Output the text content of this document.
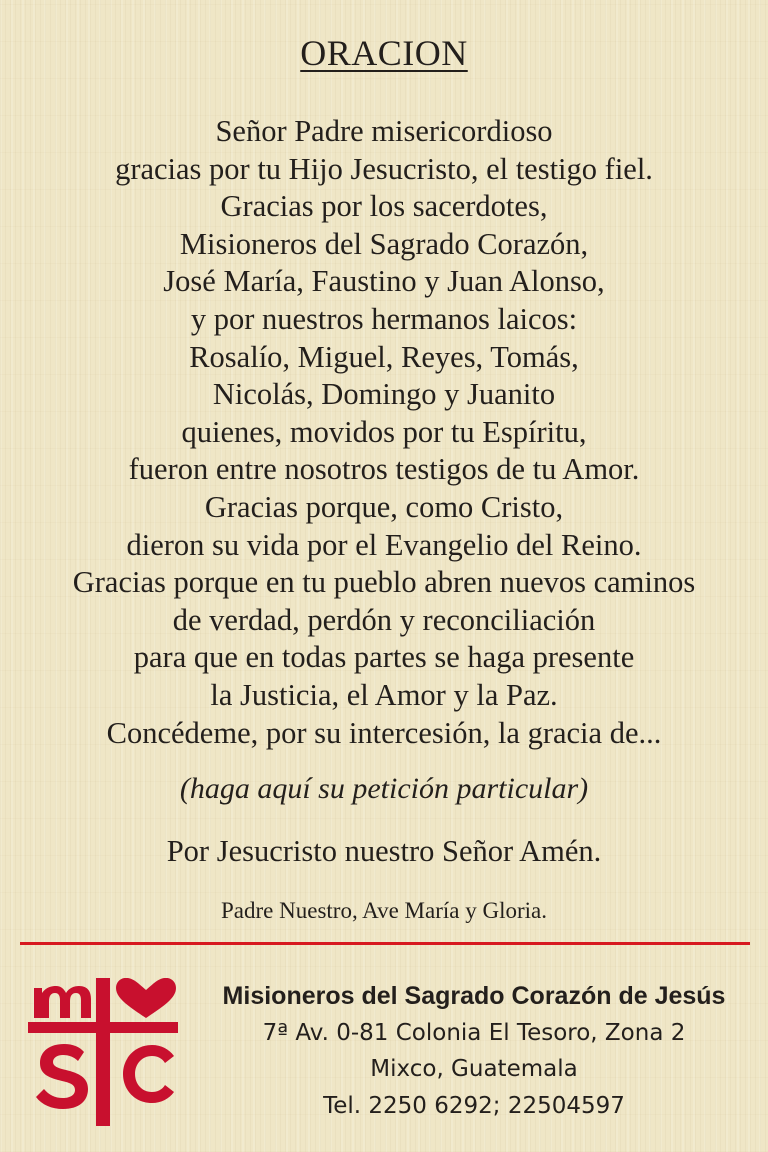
ORACION
Señor Padre misericordioso
gracias por tu Hijo Jesucristo, el testigo fiel.
Gracias por los sacerdotes,
Misioneros del Sagrado Corazón,
José María, Faustino y Juan Alonso,
y por nuestros hermanos laicos:
Rosalío, Miguel, Reyes, Tomás,
Nicolás, Domingo y Juanito
quienes, movidos por tu Espíritu,
fueron entre nosotros testigos de tu Amor.
Gracias porque, como Cristo,
dieron su vida por el Evangelio del Reino.
Gracias porque en tu pueblo abren nuevos caminos
de verdad, perdón y reconciliación
para que en todas partes se haga presente
la Justicia, el Amor y la Paz.
Concédeme, por su intercesión, la gracia de...
(haga aquí su petición particular)
Por Jesucristo nuestro Señor Amén.
Padre Nuestro, Ave María y Gloria.
Misioneros del Sagrado Corazón de Jesús
7ª Av. 0-81 Colonia El Tesoro, Zona 2
Mixco, Guatemala
Tel. 2250 6292; 22504597
